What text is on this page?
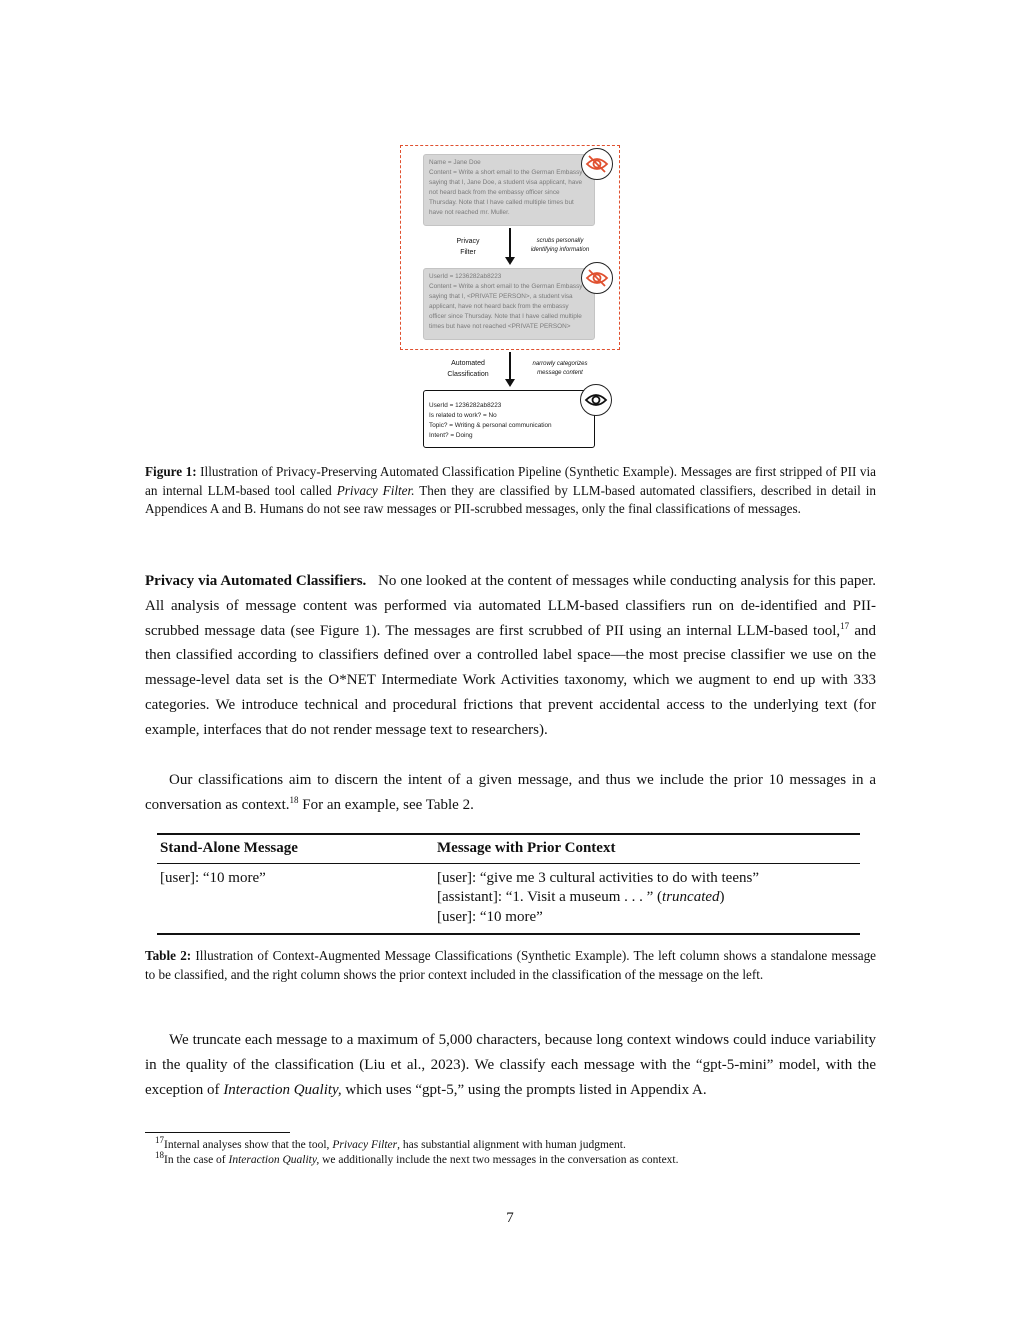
Name = Jane Doe
Content = Write a short email to the German Embassy
saying that I, Jane Doe, a student visa applicant, have
not heard back from the embassy officer since
Thursday. Note that I have called multiple times but
have not reached mr. Muller.
Privacy
Filter
scrubs personally
identifying information
UserId = 1236282ab8223
Content = Write a short email to the German Embassy
saying that I, <PRIVATE PERSON>, a student visa
applicant, have not heard back from the embassy
officer since Thursday. Note that I have called multiple
times but have not reached <PRIVATE PERSON>
Automated
Classification
narrowly categorizes
message content
UserId = 1236282ab8223
Is related to work? = No
Topic? = Writing & personal communication
Intent? = Doing
Figure 1: Illustration of Privacy-Preserving Automated Classification Pipeline (Synthetic Example). Messages are first stripped of PII via an internal LLM-based tool called Privacy Filter. Then they are classified by LLM-based automated classifiers, described in detail in Appendices A and B. Humans do not see raw messages or PII-scrubbed messages, only the final classifications of messages.
Privacy via Automated Classifiers. No one looked at the content of messages while conducting analysis for this paper. All analysis of message content was performed via automated LLM-based classifiers run on de-identified and PII-scrubbed message data (see Figure 1). The messages are first scrubbed of PII using an internal LLM-based tool,$^{17}$ and then classified according to classifiers defined over a controlled label space—the most precise classifier we use on the message-level data set is the O*NET Intermediate Work Activities taxonomy, which we augment to end up with 333 categories. We introduce technical and procedural frictions that prevent accidental access to the underlying text (for example, interfaces that do not render message text to researchers).
Our classifications aim to discern the intent of a given message, and thus we include the prior 10 messages in a conversation as context.$^{18}$ For an example, see Table 2.
Stand-Alone Message	Message with Prior Context
[user]: “10 more”	[user]: “give me 3 cultural activities to do with teens”
[assistant]: “1. Visit a museum . . . ” (truncated)
[user]: “10 more”
Table 2: Illustration of Context-Augmented Message Classifications (Synthetic Example). The left column shows a standalone message to be classified, and the right column shows the prior context included in the classification of the message on the left.
We truncate each message to a maximum of 5,000 characters, because long context windows could induce variability in the quality of the classification (Liu et al., 2023). We classify each message with the “gpt-5-mini” model, with the exception of Interaction Quality, which uses “gpt-5,” using the prompts listed in Appendix A.
$^{17}$Internal analyses show that the tool, Privacy Filter, has substantial alignment with human judgment.
$^{18}$In the case of Interaction Quality, we additionally include the next two messages in the conversation as context.
7
